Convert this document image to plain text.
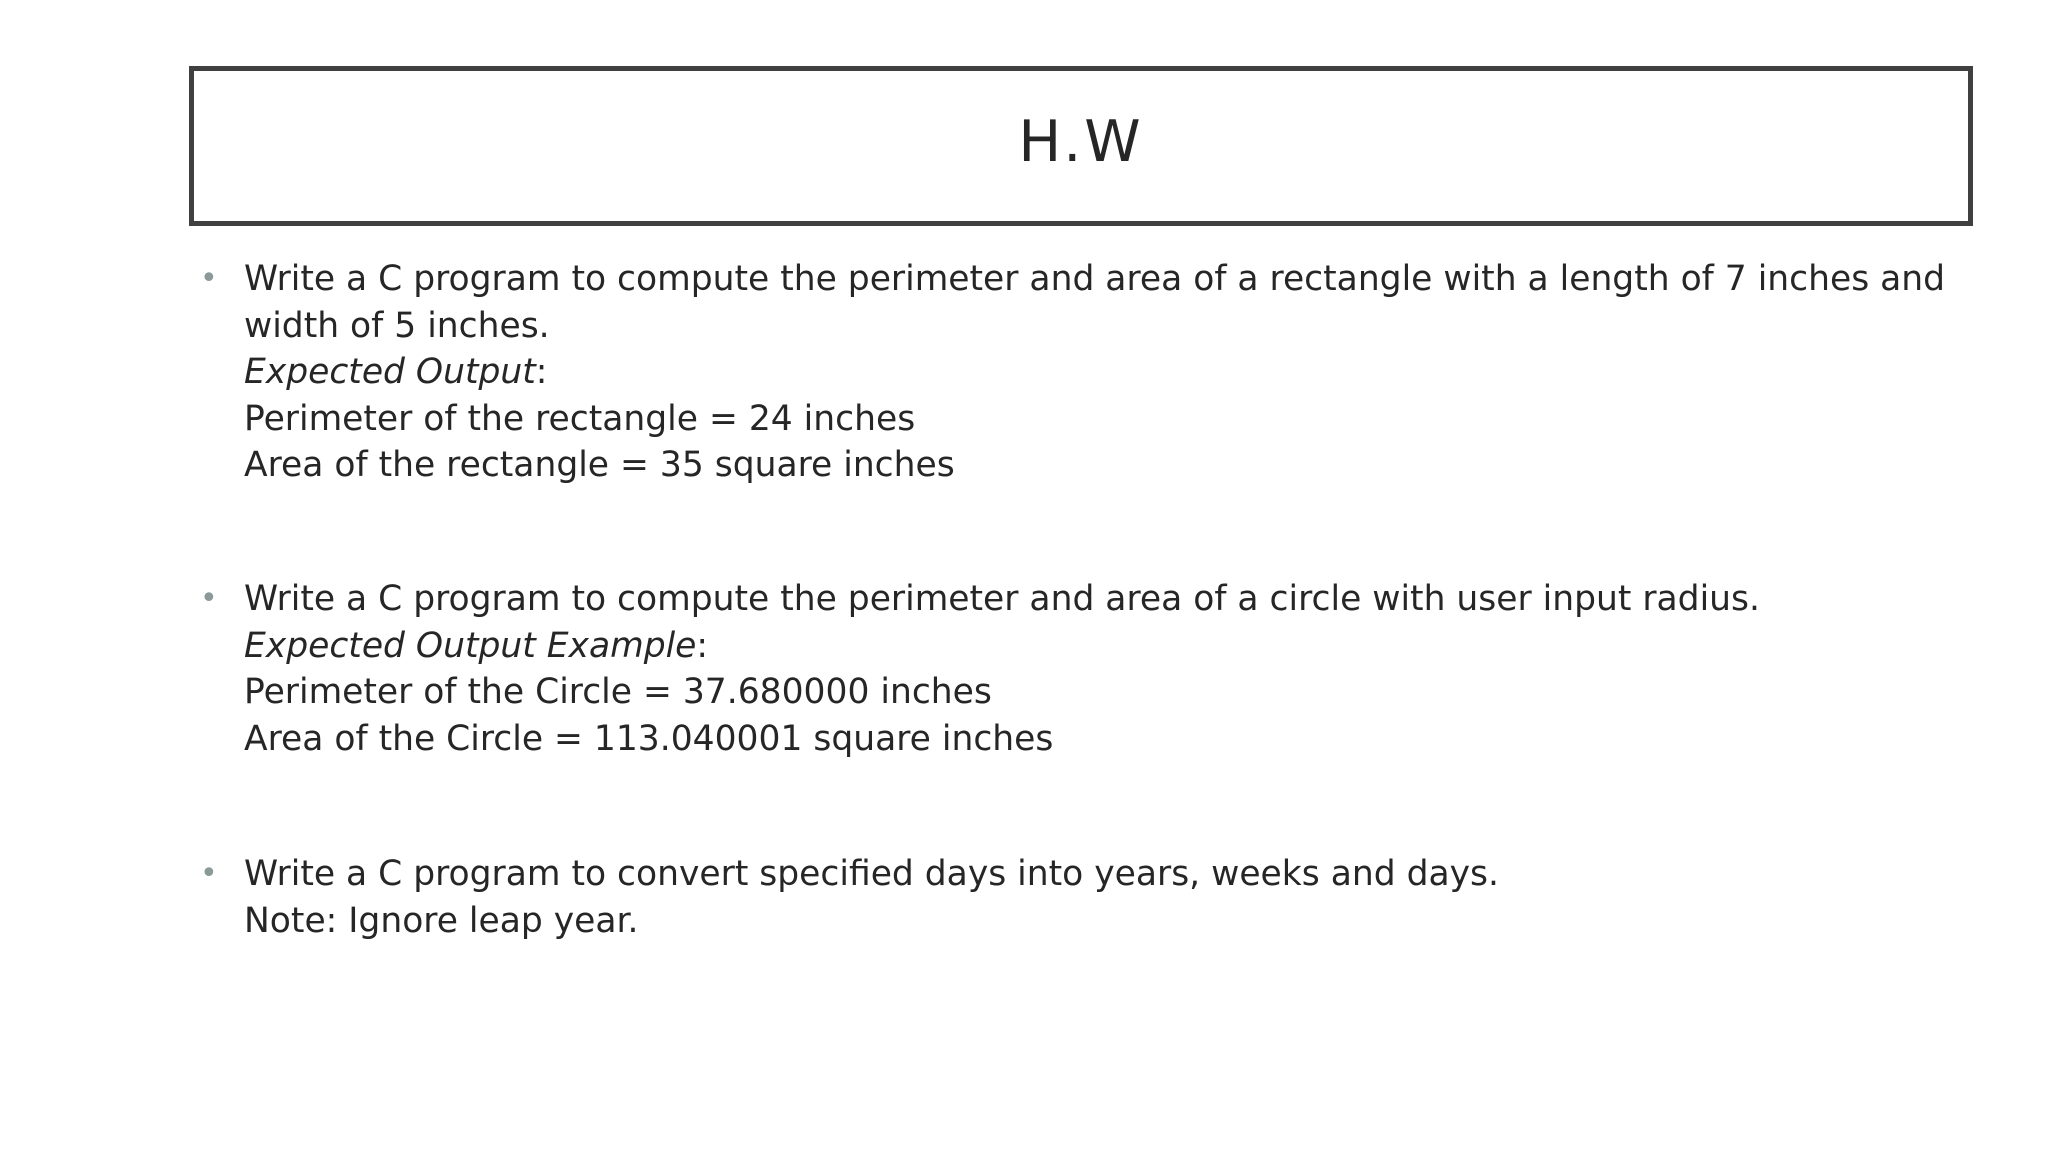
H.W
• Write a C program to compute the perimeter and area of a rectangle with a length of 7 inches and
width of 5 inches.
Expected Output:
Perimeter of the rectangle = 24 inches
Area of the rectangle = 35 square inches
• Write a C program to compute the perimeter and area of a circle with user input radius.
Expected Output Example:
Perimeter of the Circle = 37.680000 inches
Area of the Circle = 113.040001 square inches
• Write a C program to convert specified days into years, weeks and days.
Note: Ignore leap year.
